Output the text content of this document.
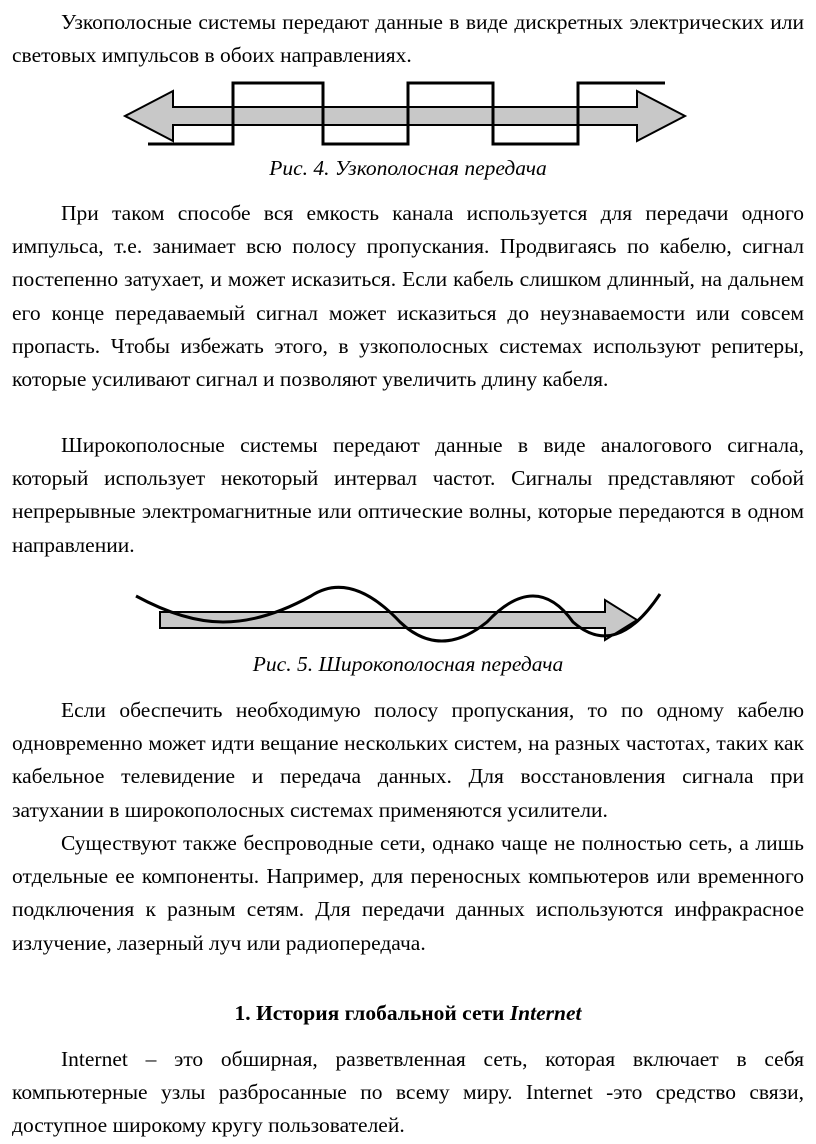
Узкополосные системы передают данные в виде дискретных электрических или световых импульсов в обоих направлениях.

Рис. 4. Узкополосная передача

При таком способе вся емкость канала используется для передачи одного импульса, т.е. занимает всю полосу пропускания. Продвигаясь по кабелю, сигнал постепенно затухает, и может исказиться. Если кабель слишком длинный, на дальнем его конце передаваемый сигнал может исказиться до неузнаваемости или совсем пропасть. Чтобы избежать этого, в узкополосных системах используют репитеры, которые усиливают сигнал и позволяют увеличить длину кабеля.

Широкополосные системы передают данные в виде аналогового сигнала, который использует некоторый интервал частот. Сигналы представляют собой непрерывные электромагнитные или оптические волны, которые передаются в одном направлении.

Рис. 5. Широкополосная передача

Если обеспечить необходимую полосу пропускания, то по одному кабелю одновременно может идти вещание нескольких систем, на разных частотах, таких как кабельное телевидение и передача данных. Для восстановления сигнала при затухании в широкополосных системах применяются усилители.

Существуют также беспроводные сети, однако чаще не полностью сеть, а лишь отдельные ее компоненты. Например, для переносных компьютеров или временного подключения к разным сетям. Для передачи данных используются инфракрасное излучение, лазерный луч или радиопередача.

1. История глобальной сети Internet

Internet – это обширная, разветвленная сеть, которая включает в себя компьютерные узлы разбросанные по всему миру. Internet -это средство связи, доступное широкому кругу пользователей.
